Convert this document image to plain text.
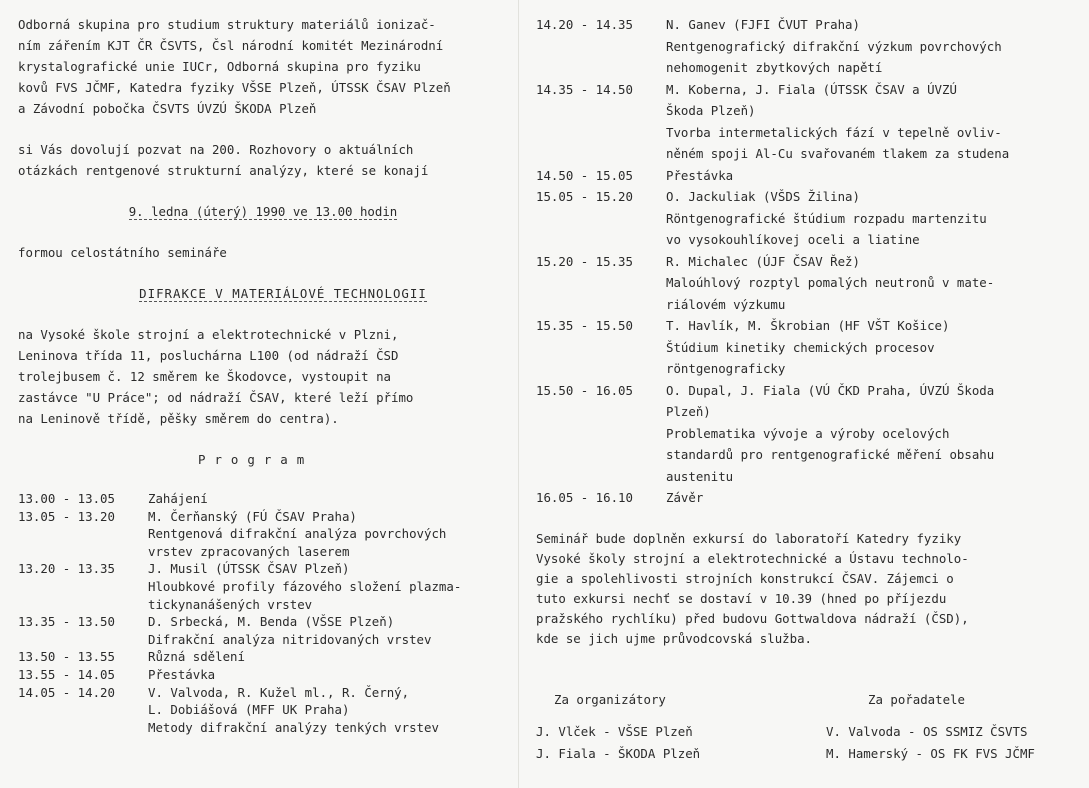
Odborná skupina pro studium struktury materiálů ionizač-
ním zářením KJT ČR ČSVTS, Čsl národní komitét Mezinárodní
krystalografické unie IUCr, Odborná skupina pro fyziku
kovů FVS JČMF, Katedra fyziky VŠSE Plzeň, ÚTSSK ČSAV Plzeň
a Závodní pobočka ČSVTS ÚVZÚ ŠKODA Plzeň
si Vás dovolují pozvat na 200. Rozhovory o aktuálních
otázkách rentgenové strukturní analýzy, které se konají
9. ledna (úterý) 1990 ve 13.00 hodin
formou celostátního semináře
DIFRAKCE V MATERIÁLOVÉ TECHNOLOGII
na Vysoké škole strojní a elektrotechnické v Plzni,
Leninova třída 11, posluchárna L100 (od nádraží ČSD
trolejbusem č. 12 směrem ke Škodovce, vystoupit na
zastávce "U Práce"; od nádraží ČSAV, které leží přímo
na Leninově třídě, pěšky směrem do centra).
Program
13.00 - 13.05	Zahájení
13.05 - 13.20	M. Čerňanský (FÚ ČSAV Praha)
Rentgenová difrakční analýza povrchových
vrstev zpracovaných laserem
13.20 - 13.35	J. Musil (ÚTSSK ČSAV Plzeň)
Hloubkové profily fázového složení plazma-
tickynanášených vrstev
13.35 - 13.50	D. Srbecká, M. Benda (VŠSE Plzeň)
Difrakční analýza nitridovaných vrstev
13.50 - 13.55	Různá sdělení
13.55 - 14.05	Přestávka
14.05 - 14.20	V. Valvoda, R. Kužel ml., R. Černý,
L. Dobiášová (MFF UK Praha)
Metody difrakční analýzy tenkých vrstev
14.20 - 14.35	N. Ganev (FJFI ČVUT Praha)
Rentgenografický difrakční výzkum povrchových
nehomogenit zbytkových napětí
14.35 - 14.50	M. Koberna, J. Fiala (ÚTSSK ČSAV a ÚVZÚ
Škoda Plzeň)
Tvorba intermetalických fází v tepelně ovliv-
něném spoji Al-Cu svařovaném tlakem za studena
14.50 - 15.05	Přestávka
15.05 - 15.20	O. Jackuliak (VŠDS Žilina)
Röntgenografické štúdium rozpadu martenzitu
vo vysokouhlíkovej oceli a liatine
15.20 - 15.35	R. Michalec (ÚJF ČSAV Řež)
Maloúhlový rozptyl pomalých neutronů v mate-
riálovém výzkumu
15.35 - 15.50	T. Havlík, M. Škrobian (HF VŠT Košice)
Štúdium kinetiky chemických procesov
röntgenograficky
15.50 - 16.05	O. Dupal, J. Fiala (VÚ ČKD Praha, ÚVZÚ Škoda
Plzeň)
Problematika vývoje a výroby ocelových
standardů pro rentgenografické měření obsahu
austenitu
16.05 - 16.10	Závěr
Seminář bude doplněn exkursí do laboratoří Katedry fyziky
Vysoké školy strojní a elektrotechnické a Ústavu technolo-
gie a spolehlivosti strojních konstrukcí ČSAV. Zájemci o
tuto exkursi nechť se dostaví v 10.39 (hned po příjezdu
pražského rychlíku) před budovu Gottwaldova nádraží (ČSD),
kde se jich ujme průvodcovská služba.
Za organizátory
J. Vlček - VŠSE Plzeň
J. Fiala - ŠKODA Plzeň
Za pořadatele
V. Valvoda - OS SSMIZ ČSVTS
M. Hamerský - OS FK FVS JČMF
